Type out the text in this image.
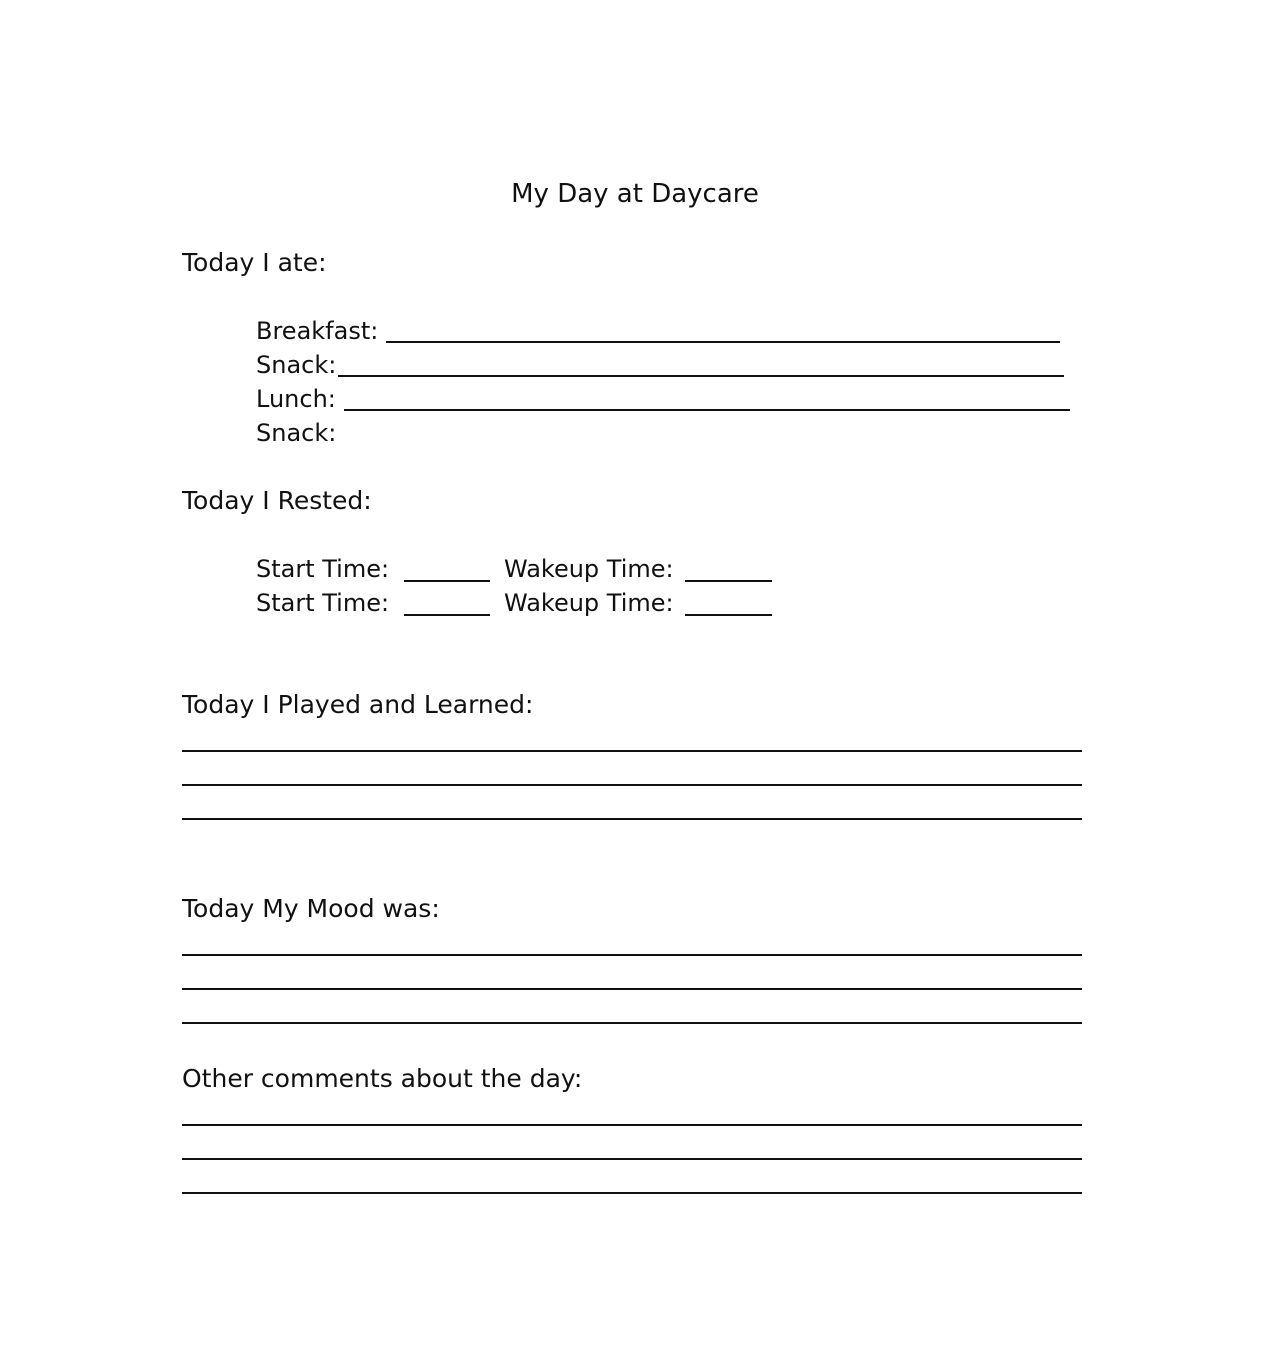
My Day at Daycare
Today I ate:
Breakfast:
Snack:
Lunch:
Snack:
Today I Rested:
Start Time:	Wakeup Time:
Start Time:	Wakeup Time:
Today I Played and Learned:
Today My Mood was:
Other comments about the day:
